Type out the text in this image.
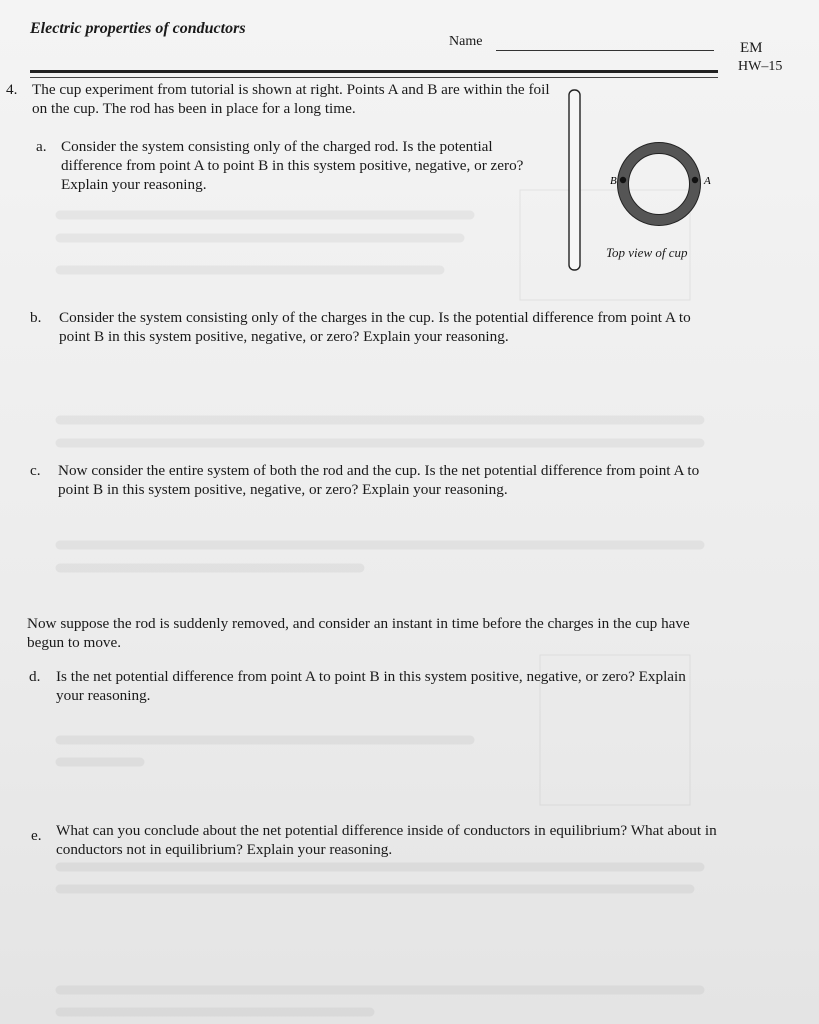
Electric properties of conductors
Name	EM
HW–15
4. The cup experiment from tutorial is shown at right. Points A and B are within the foil on the cup. The rod has been in place for a long time.
B	A
Top view of cup
a. Consider the system consisting only of the charged rod. Is the potential difference from point A to point B in this system positive, negative, or zero? Explain your reasoning.
b. Consider the system consisting only of the charges in the cup. Is the potential difference from point A to point B in this system positive, negative, or zero? Explain your reasoning.
c. Now consider the entire system of both the rod and the cup. Is the net potential difference from point A to point B in this system positive, negative, or zero? Explain your reasoning.
Now suppose the rod is suddenly removed, and consider an instant in time before the charges in the cup have begun to move.
d. Is the net potential difference from point A to point B in this system positive, negative, or zero? Explain your reasoning.
e. What can you conclude about the net potential difference inside of conductors in equilibrium? What about in conductors not in equilibrium? Explain your reasoning.
